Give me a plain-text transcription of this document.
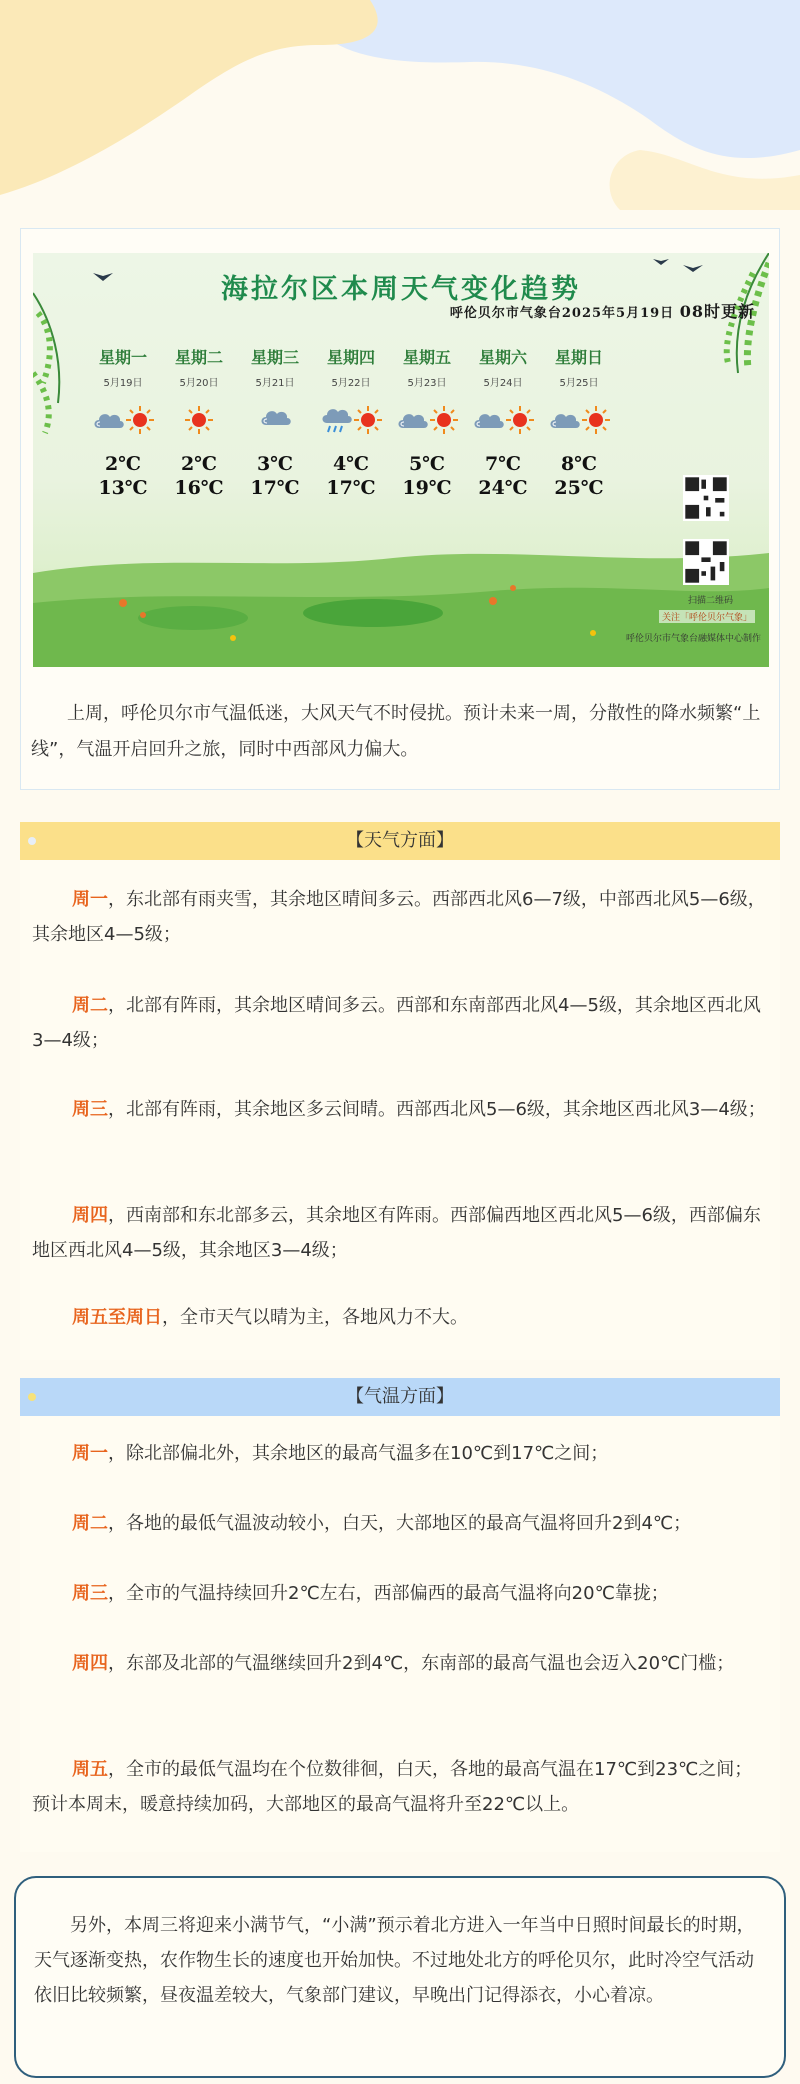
海拉尔区本周天气变化趋势
呼伦贝尔市气象台2025年5月19日 08时更新
星期一
5月19日
2℃
13℃
星期二
5月20日
2℃
16℃
星期三
5月21日
3℃
17℃
星期四
5月22日
4℃
17℃
星期五
5月23日
5℃
19℃
星期六
5月24日
7℃
24℃
星期日
5月25日
8℃
25℃
扫描二维码
关注「呼伦贝尔气象」
呼伦贝尔市气象台融媒体中心制作
上周，呼伦贝尔市气温低迷，大风天气不时侵扰。预计未来一周，分散性的降水频繁“上线”，气温开启回升之旅，同时中西部风力偏大。
【天气方面】
周一，东北部有雨夹雪，其余地区晴间多云。西部西北风6—7级，中部西北风5—6级，其余地区4—5级；
周二，北部有阵雨，其余地区晴间多云。西部和东南部西北风4—5级，其余地区西北风3—4级；
周三，北部有阵雨，其余地区多云间晴。西部西北风5—6级，其余地区西北风3—4级；
周四，西南部和东北部多云，其余地区有阵雨。西部偏西地区西北风5—6级，西部偏东地区西北风4—5级，其余地区3—4级；
周五至周日，全市天气以晴为主，各地风力不大。
【气温方面】
周一，除北部偏北外，其余地区的最高气温多在10℃到17℃之间；
周二，各地的最低气温波动较小，白天，大部地区的最高气温将回升2到4℃；
周三，全市的气温持续回升2℃左右，西部偏西的最高气温将向20℃靠拢；
周四，东部及北部的气温继续回升2到4℃，东南部的最高气温也会迈入20℃门槛；
周五，全市的最低气温均在个位数徘徊，白天，各地的最高气温在17℃到23℃之间；预计本周末，暖意持续加码，大部地区的最高气温将升至22℃以上。
另外，本周三将迎来小满节气，“小满”预示着北方进入一年当中日照时间最长的时期，天气逐渐变热，农作物生长的速度也开始加快。不过地处北方的呼伦贝尔，此时冷空气活动依旧比较频繁，昼夜温差较大，气象部门建议，早晚出门记得添衣，小心着凉。
